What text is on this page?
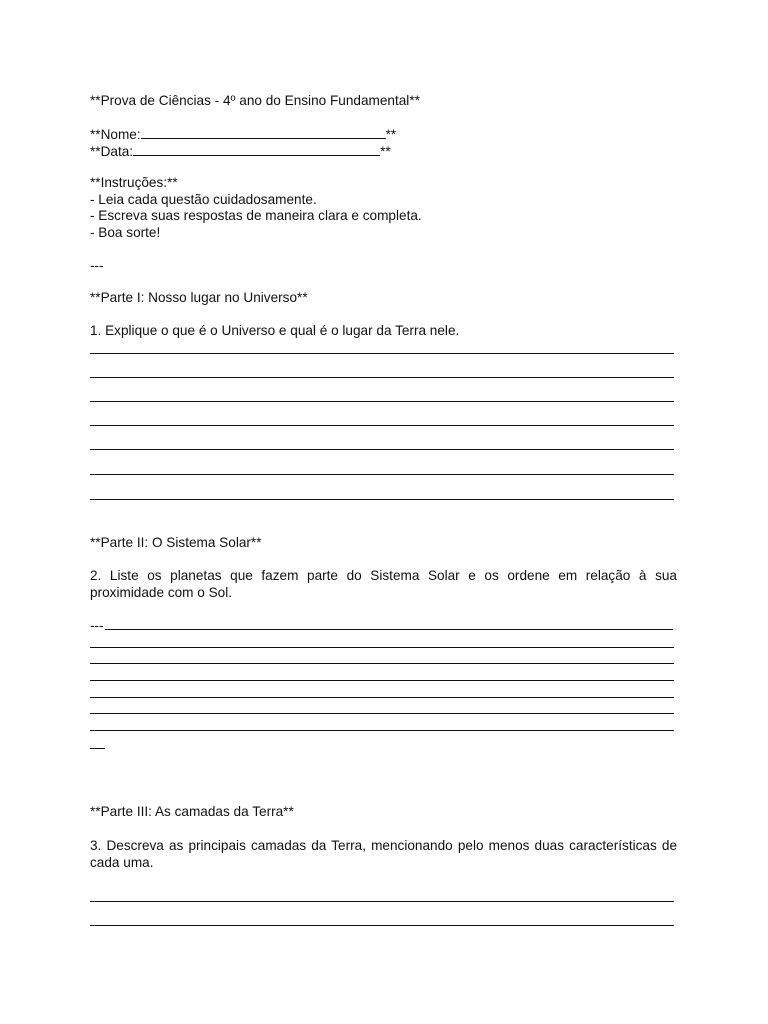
**Prova de Ciências - 4º ano do Ensino Fundamental**
**Nome:	**
**Data:	**
**Instruções:**
- Leia cada questão cuidadosamente.
- Escreva suas respostas de maneira clara e completa.
- Boa sorte!
---
**Parte I: Nosso lugar no Universo**
1. Explique o que é o Universo e qual é o lugar da Terra nele.
**Parte II: O Sistema Solar**
2. Liste os planetas que fazem parte do Sistema Solar e os ordene em relação à sua proximidade com o Sol.
---
**Parte III: As camadas da Terra**
3. Descreva as principais camadas da Terra, mencionando pelo menos duas características de cada uma.
